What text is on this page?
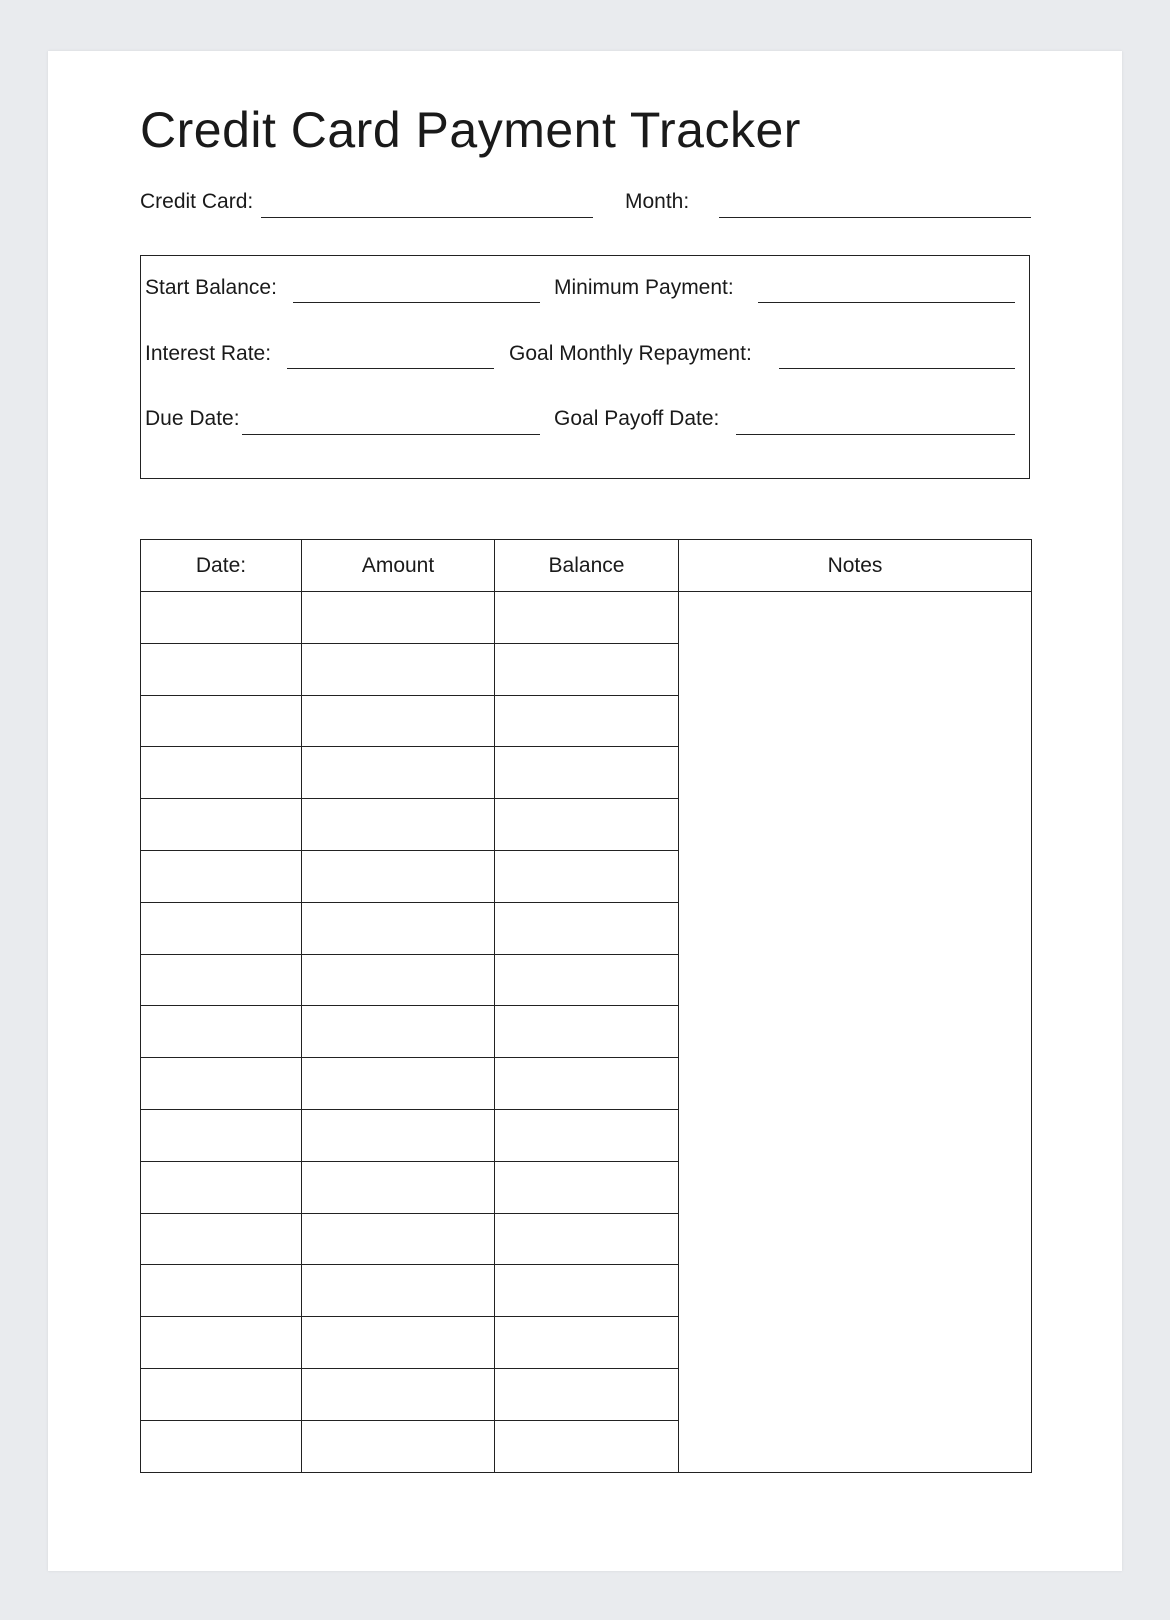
Credit Card Payment Tracker
Credit Card:	Month:
Start Balance:	Minimum Payment:
Interest Rate:	Goal Monthly Repayment:
Due Date:	Goal Payoff Date:
Date:	Amount	Balance	Notes
